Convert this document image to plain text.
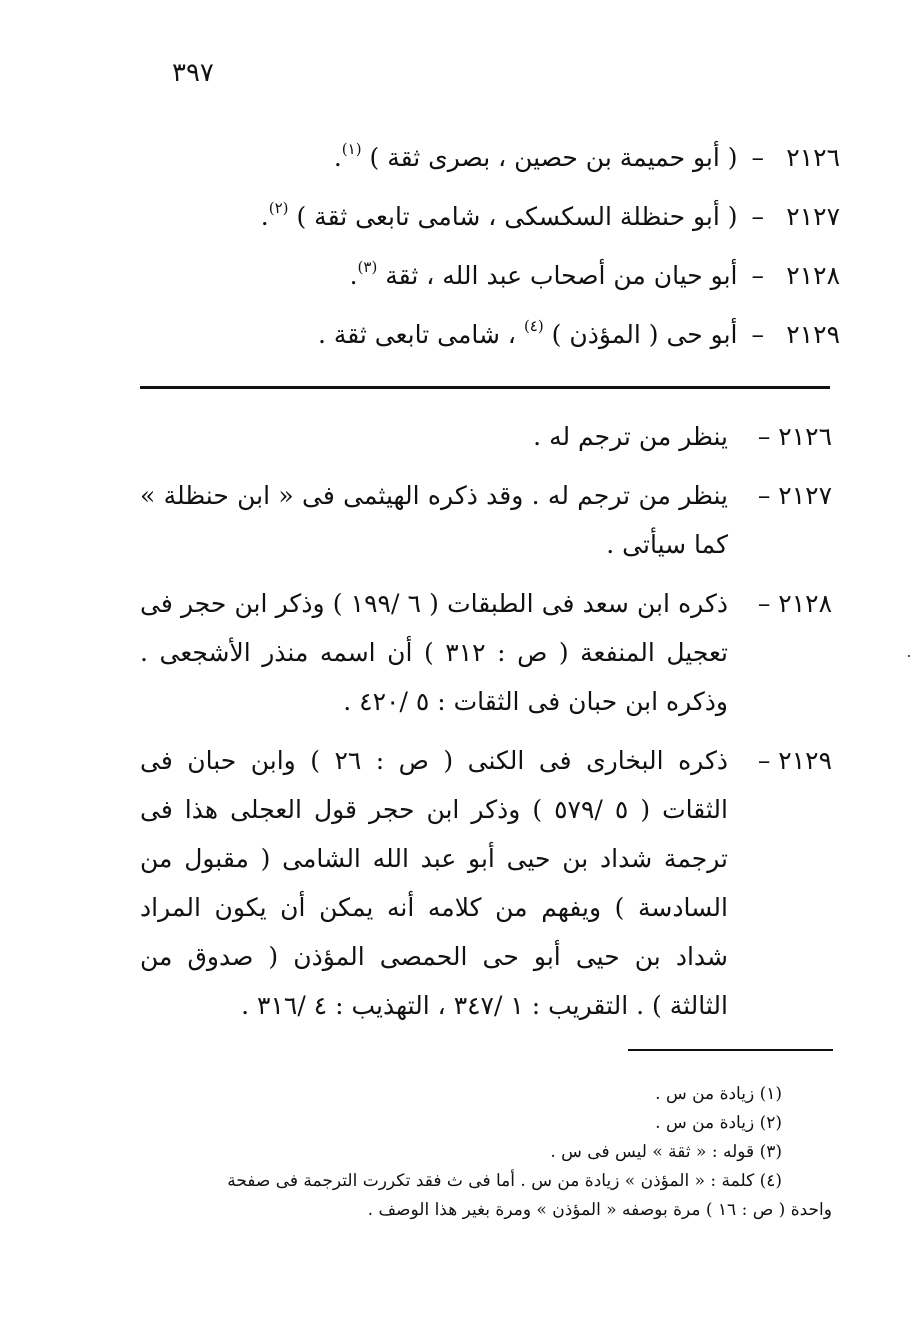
٣٩٧
٢١٢٦
–
( أبو حميمة بن حصين ، بصرى ثقة )

(١)
.
٢١٢٧
–
( أبو حنظلة السكسكى ، شامى تابعى ثقة )

(٢)
.
٢١٢٨
–
أبو حيان من أصحاب عبد الله ، ثقة

(٣)
.
٢١٢٩
–
أبو حى ( المؤذن )

(٤)

، شامى تابعى ثقة .
٢١٢٦ –
ينظر من ترجم له .
٢١٢٧ –
ينظر من ترجم له . وقد ذكره الهيثمى فى « ابن حنظلة » كما سيأتى .
٢١٢٨ –
ذكره ابن سعد فى الطبقات ( ٦ /١٩٩ ) وذكر ابن حجر فى تعجيل المنفعة ( ص : ٣١٢ ) أن اسمه منذر الأشجعى . وذكره ابن حبان فى الثقات : ٥ /٤٢٠ .
٢١٢٩ –
ذكره البخارى فى الكنى ( ص : ٢٦ ) وابن حبان فى الثقات ( ٥ /٥٧٩ ) وذكر ابن حجر قول العجلى هذا فى ترجمة شداد بن حيى أبو عبد الله الشامى ( مقبول من السادسة ) ويفهم من كلامه أنه يمكن أن يكون المراد شداد بن حيى أبو حى الحمصى المؤذن ( صدوق من الثالثة ) . التقريب : ١ /٣٤٧ ، التهذيب : ٤ /٣١٦ .
(١) زيادة من س .
(٢) زيادة من س .
(٣) قوله : « ثقة » ليس فى س .
(٤) كلمة : « المؤذن » زيادة من س . أما فى ث فقد تكررت الترجمة فى صفحة
واحدة ( ص : ١٦ ) مرة بوصفه « المؤذن » ومرة بغير هذا الوصف .
